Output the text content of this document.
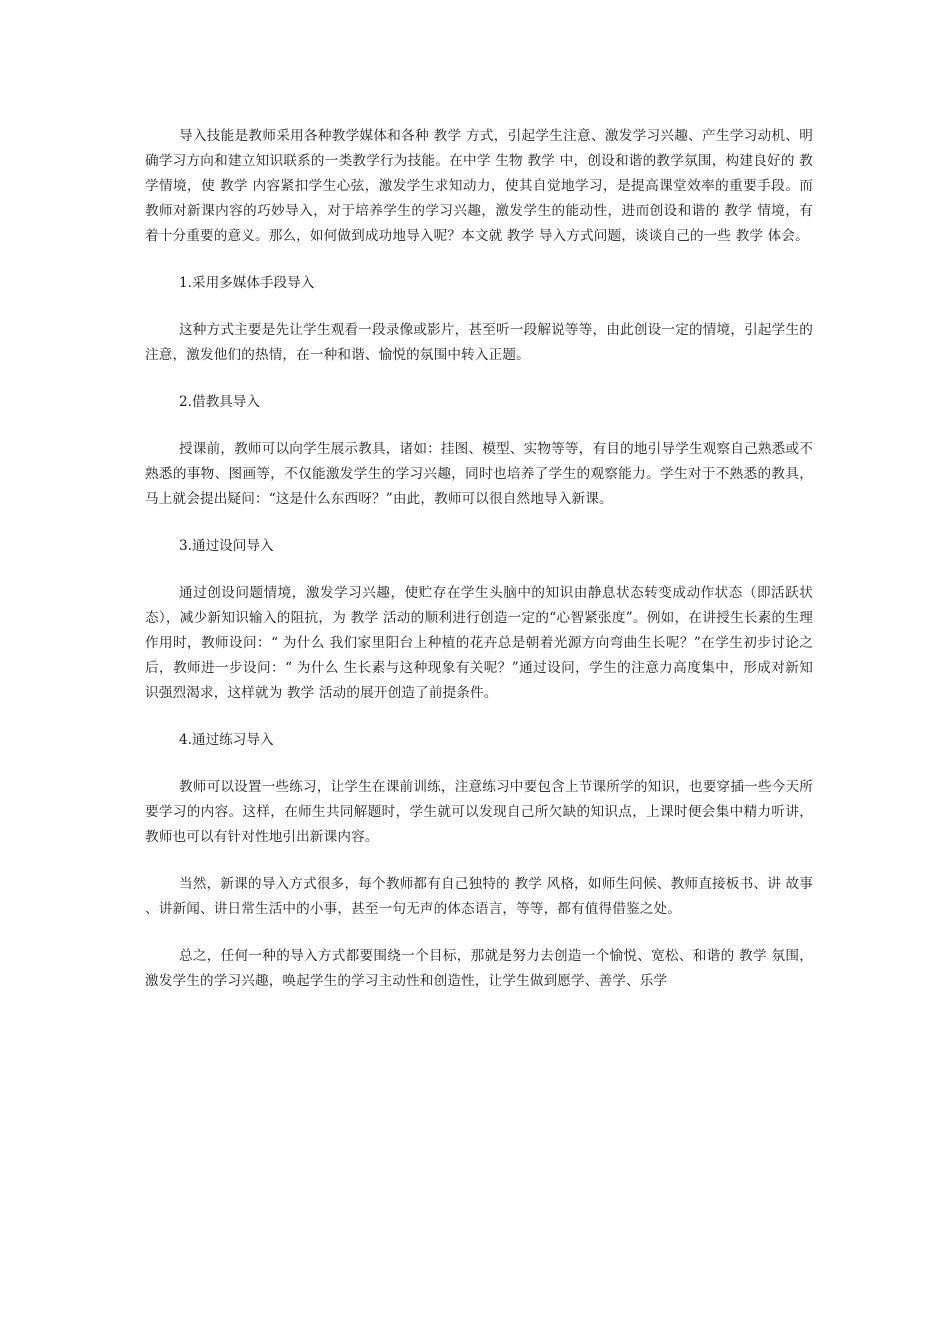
导入技能是教师采用各种教学媒体和各种 教学 方式，引起学生注意、激发学习兴趣、产生学习动机、明确学习方向和建立知识联系的一类教学行为技能。在中学 生物 教学 中，创设和谐的教学氛围，构建良好的 教学情境，使 教学 内容紧扣学生心弦，激发学生求知动力，使其自觉地学习，是提高课堂效率的重要手段。而教师对新课内容的巧妙导入，对于培养学生的学习兴趣，激发学生的能动性，进而创设和谐的 教学 情境，有着十分重要的意义。那么，如何做到成功地导入呢？本文就 教学 导入方式问题，谈谈自己的一些 教学 体会。

1.采用多媒体手段导入

这种方式主要是先让学生观看一段录像或影片，甚至听一段解说等等，由此创设一定的情境，引起学生的注意，激发他们的热情，在一种和谐、愉悦的氛围中转入正题。

2.借教具导入

授课前，教师可以向学生展示教具，诸如：挂图、模型、实物等等，有目的地引导学生观察自己熟悉或不熟悉的事物、图画等，不仅能激发学生的学习兴趣，同时也培养了学生的观察能力。学生对于不熟悉的教具，马上就会提出疑问：“这是什么东西呀？”由此，教师可以很自然地导入新课。

3.通过设问导入

通过创设问题情境，激发学习兴趣，使贮存在学生头脑中的知识由静息状态转变成动作状态（即活跃状态），减少新知识输入的阻抗，为 教学 活动的顺利进行创造一定的“心智紧张度”。例如，在讲授生长素的生理作用时，教师设问：“ 为什么 我们家里阳台上种植的花卉总是朝着光源方向弯曲生长呢？”在学生初步讨论之后，教师进一步设问：“ 为什么 生长素与这种现象有关呢？”通过设问，学生的注意力高度集中，形成对新知识强烈渴求，这样就为 教学 活动的展开创造了前提条件。

4.通过练习导入

教师可以设置一些练习，让学生在课前训练，注意练习中要包含上节课所学的知识，也要穿插一些今天所要学习的内容。这样，在师生共同解题时，学生就可以发现自己所欠缺的知识点，上课时便会集中精力听讲，教师也可以有针对性地引出新课内容。

当然，新课的导入方式很多，每个教师都有自己独特的 教学 风格，如师生问候、教师直接板书、讲 故事 、讲新闻、讲日常生活中的小事，甚至一句无声的体态语言，等等，都有值得借鉴之处。

总之，任何一种的导入方式都要围绕一个目标，那就是努力去创造一个愉悦、宽松、和谐的 教学 氛围，激发学生的学习兴趣，唤起学生的学习主动性和创造性，让学生做到愿学、善学、乐学
